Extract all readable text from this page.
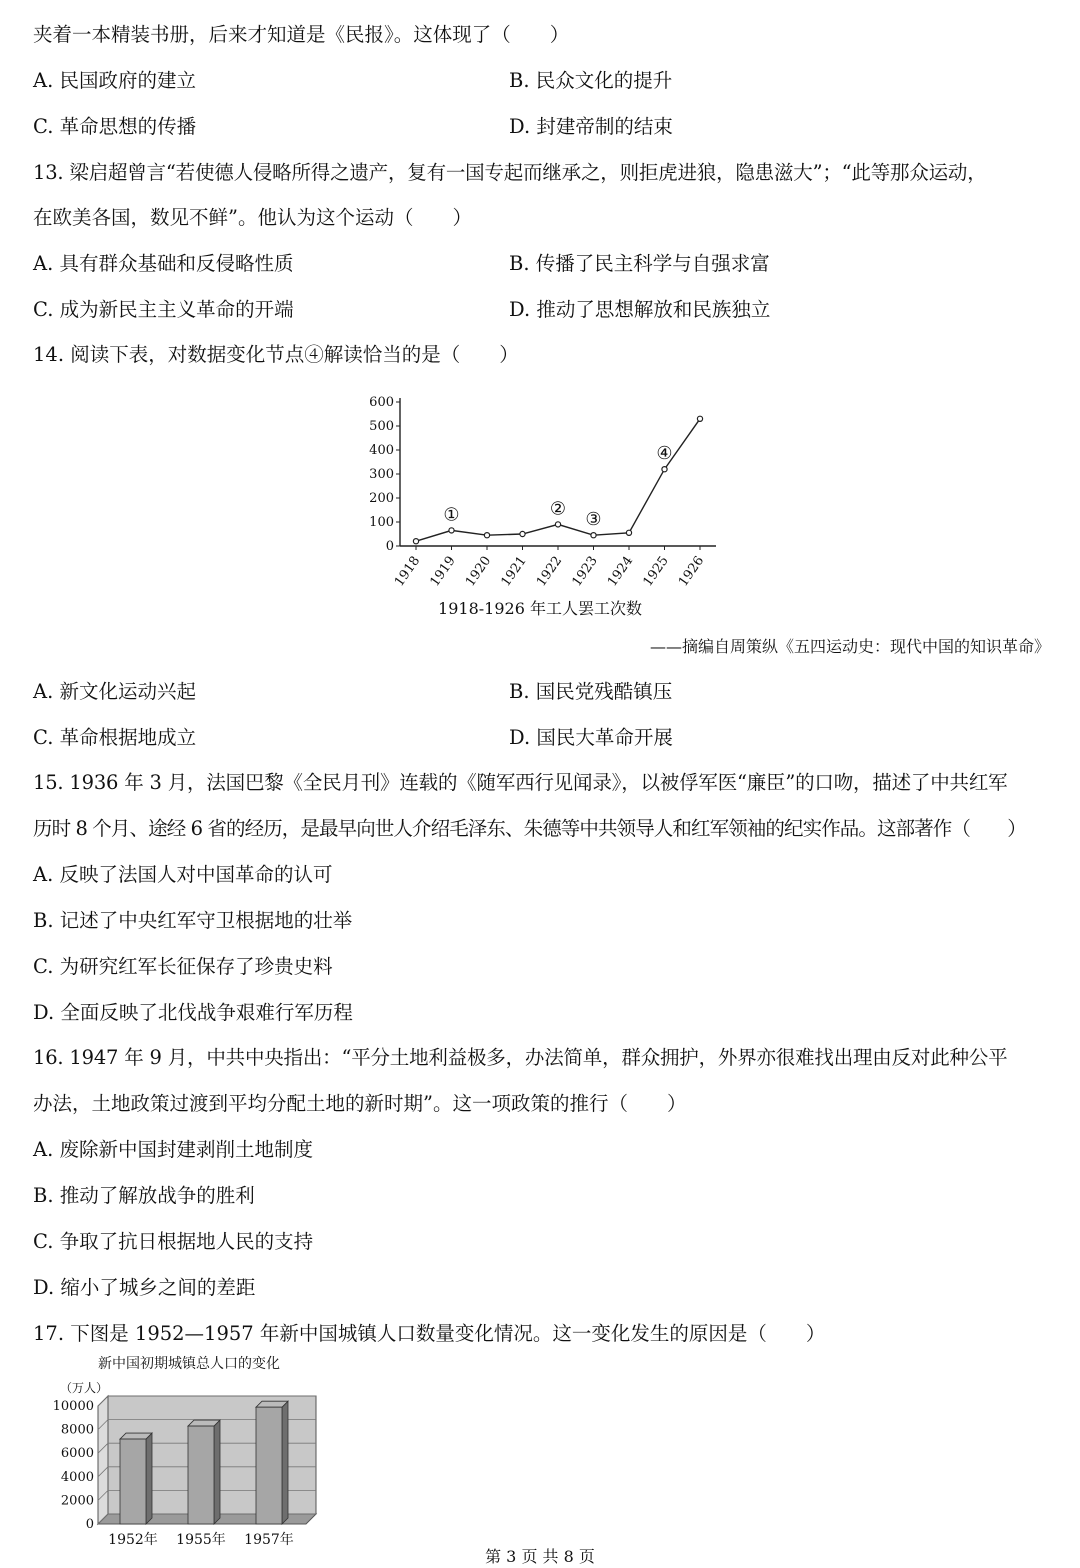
夹着一本精装书册，后来才知道是《民报》。这体现了（　　）
A. 民国政府的建立	B. 民众文化的提升
C. 革命思想的传播	D. 封建帝制的结束
13. 梁启超曾言“若使德人侵略所得之遗产，复有一国专起而继承之，则拒虎进狼，隐患滋大”；“此等那众运动，
在欧美各国，数见不鲜”。他认为这个运动（　　）
A. 具有群众基础和反侵略性质	B. 传播了民主科学与自强求富
C. 成为新民主主义革命的开端	D. 推动了思想解放和民族独立
14. 阅读下表，对数据变化节点④解读恰当的是（　　）
0
100
200
300
400
500
600
1918 1919 1920 1921 1922 1923 1924 1925 1926
①	②
③
④
1918-1926 年工人罢工次数
——摘编自周策纵《五四运动史：现代中国的知识革命》
A. 新文化运动兴起	B. 国民党残酷镇压
C. 革命根据地成立	D. 国民大革命开展
15. 1936 年 3 月，法国巴黎《全民月刊》连载的《随军西行见闻录》，以被俘军医“廉臣”的口吻，描述了中共红军
历时 8 个月、途经 6 省的经历，是最早向世人介绍毛泽东、朱德等中共领导人和红军领袖的纪实作品。这部著作（　　）
A. 反映了法国人对中国革命的认可
B. 记述了中央红军守卫根据地的壮举
C. 为研究红军长征保存了珍贵史料
D. 全面反映了北伐战争艰难行军历程
16. 1947 年 9 月，中共中央指出：“平分土地利益极多，办法简单，群众拥护，外界亦很难找出理由反对此种公平
办法，土地政策过渡到平均分配土地的新时期”。这一项政策的推行（　　）
A. 废除新中国封建剥削土地制度
B. 推动了解放战争的胜利
C. 争取了抗日根据地人民的支持
D. 缩小了城乡之间的差距
17. 下图是 1952—1957 年新中国城镇人口数量变化情况。这一变化发生的原因是（　　）
新中国初期城镇总人口的变化
（万人）
0
2000
4000
6000
8000
10000
1952年 1955年 1957年
第 3 页 共 8 页
